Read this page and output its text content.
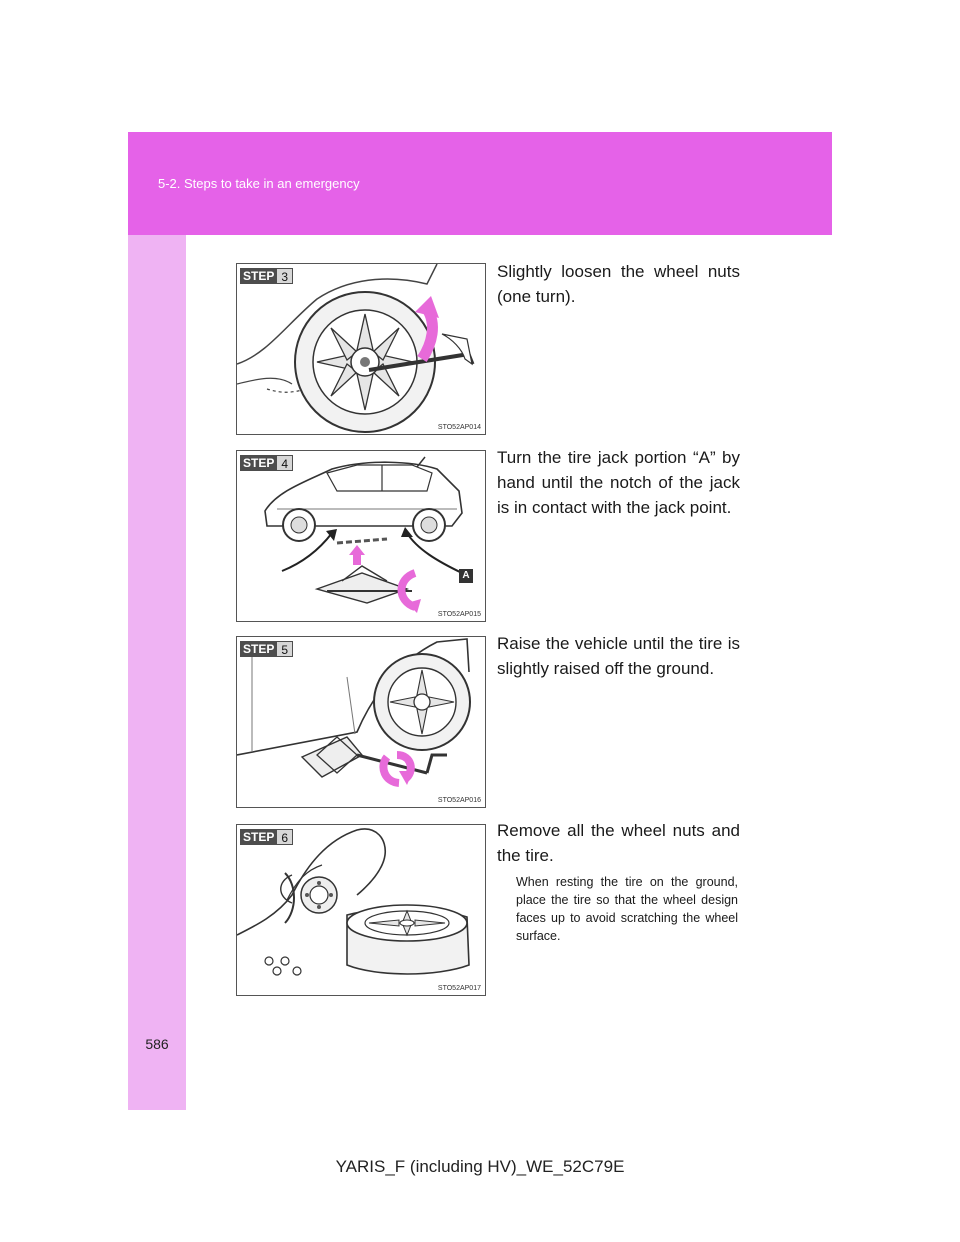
5-2. Steps to take in an emergency
STEP 3
STO52AP014
Slightly loosen the wheel nuts (one turn).
STEP 4
A
STO52AP015
Turn the tire jack portion “A” by hand until the notch of the jack is in contact with the jack point.
STEP 5
STO52AP016
Raise the vehicle until the tire is slightly raised off the ground.
STEP 6
STO52AP017
Remove all the wheel nuts and the tire.
When resting the tire on the ground, place the tire so that the wheel design faces up to avoid scratching the wheel surface.
586
YARIS_F (including HV)_WE_52C79E
